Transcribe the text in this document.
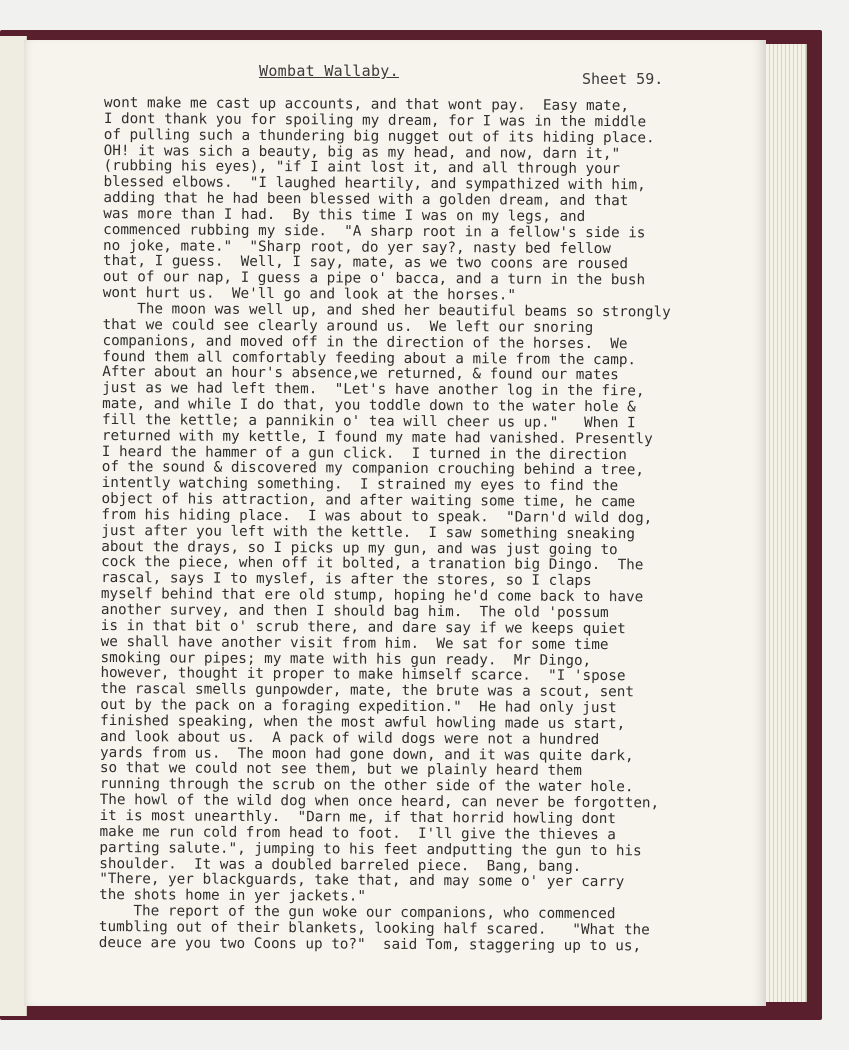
Wombat Wallaby.	Sheet 59.
wont make me cast up accounts, and that wont pay.  Easy mate,
I dont thank you for spoiling my dream, for I was in the middle
of pulling such a thundering big nugget out of its hiding place.
OH! it was sich a beauty, big as my head, and now, darn it,"
(rubbing his eyes), "if I aint lost it, and all through your
blessed elbows.  "I laughed heartily, and sympathized with him,
adding that he had been blessed with a golden dream, and that
was more than I had.  By this time I was on my legs, and
commenced rubbing my side.  "A sharp root in a fellow's side is
no joke, mate."  "Sharp root, do yer say?, nasty bed fellow
that, I guess.  Well, I say, mate, as we two coons are roused
out of our nap, I guess a pipe o' bacca, and a turn in the bush
wont hurt us.  We'll go and look at the horses."
The moon was well up, and shed her beautiful beams so strongly
that we could see clearly around us.  We left our snoring
companions, and moved off in the direction of the horses.  We
found them all comfortably feeding about a mile from the camp.
After about an hour's absence,we returned, & found our mates
just as we had left them.  "Let's have another log in the fire,
mate, and while I do that, you toddle down to the water hole &
fill the kettle; a pannikin o' tea will cheer us up."   When I
returned with my kettle, I found my mate had vanished. Presently
I heard the hammer of a gun click.  I turned in the direction
of the sound & discovered my companion crouching behind a tree,
intently watching something.  I strained my eyes to find the
object of his attraction, and after waiting some time, he came
from his hiding place.  I was about to speak.  "Darn'd wild dog,
just after you left with the kettle.  I saw something sneaking
about the drays, so I picks up my gun, and was just going to
cock the piece, when off it bolted, a tranation big Dingo.  The
rascal, says I to myslef, is after the stores, so I claps
myself behind that ere old stump, hoping he'd come back to have
another survey, and then I should bag him.  The old 'possum
is in that bit o' scrub there, and dare say if we keeps quiet
we shall have another visit from him.  We sat for some time
smoking our pipes; my mate with his gun ready.  Mr Dingo,
however, thought it proper to make himself scarce.  "I 'spose
the rascal smells gunpowder, mate, the brute was a scout, sent
out by the pack on a foraging expedition."  He had only just
finished speaking, when the most awful howling made us start,
and look about us.  A pack of wild dogs were not a hundred
yards from us.  The moon had gone down, and it was quite dark,
so that we could not see them, but we plainly heard them
running through the scrub on the other side of the water hole.
The howl of the wild dog when once heard, can never be forgotten,
it is most unearthly.  "Darn me, if that horrid howling dont
make me run cold from head to foot.  I'll give the thieves a
parting salute.", jumping to his feet andputting the gun to his
shoulder.  It was a doubled barreled piece.  Bang, bang.
"There, yer blackguards, take that, and may some o' yer carry
the shots home in yer jackets."
The report of the gun woke our companions, who commenced
tumbling out of their blankets, looking half scared.   "What the
deuce are you two Coons up to?"  said Tom, staggering up to us,
